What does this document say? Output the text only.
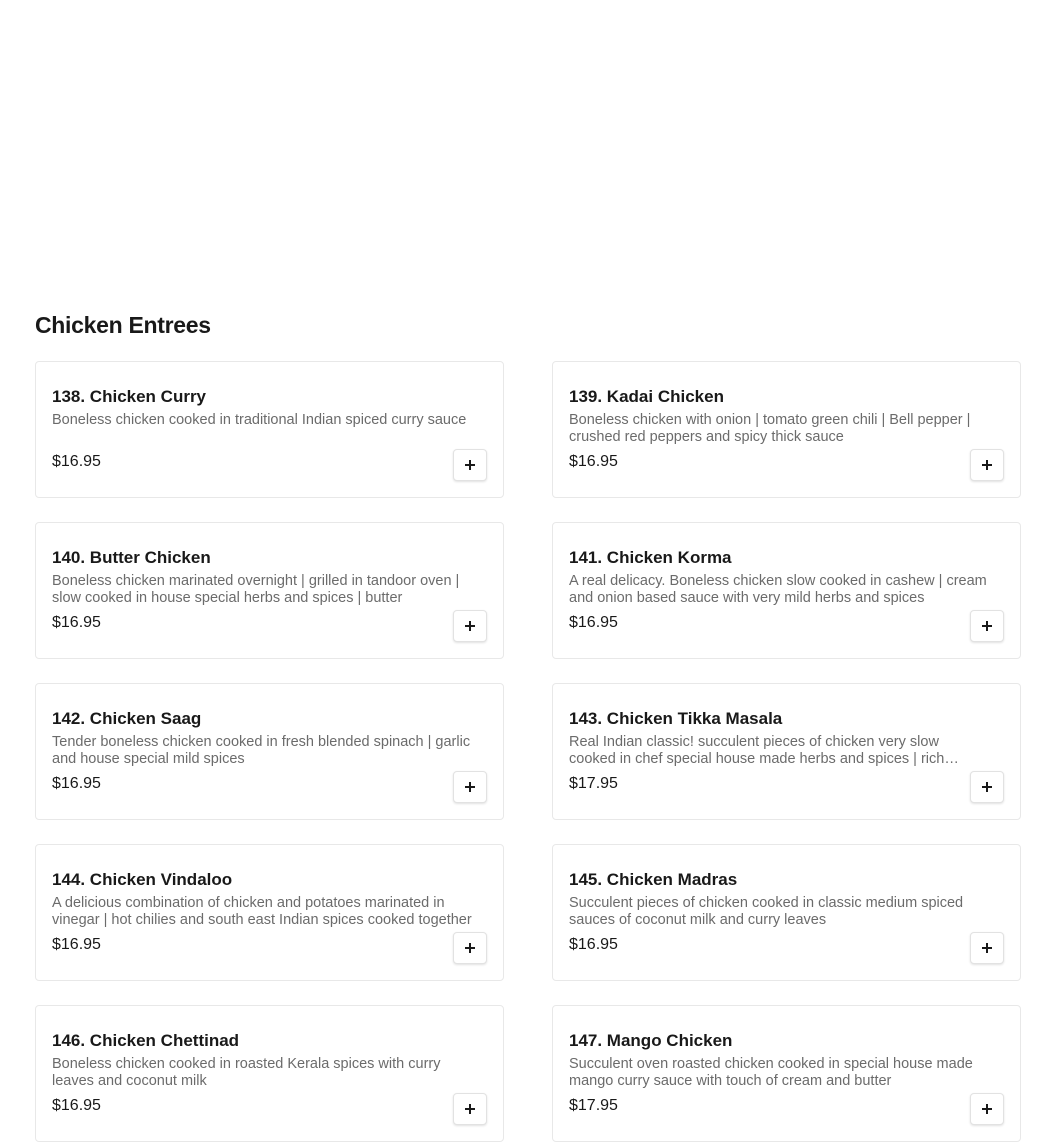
Chicken Entrees
138. Chicken Curry

Boneless chicken cooked in traditional Indian spiced curry sauce

$16.95

139. Kadai Chicken

Boneless chicken with onion | tomato green chili | Bell pepper | crushed red peppers and spicy thick sauce

$16.95

140. Butter Chicken

Boneless chicken marinated overnight | grilled in tandoor oven | slow cooked in house special herbs and spices | butter

$16.95

141. Chicken Korma

A real delicacy. Boneless chicken slow cooked in cashew | cream and onion based sauce with very mild herbs and spices

$16.95

142. Chicken Saag

Tender boneless chicken cooked in fresh blended spinach | garlic and house special mild spices

$16.95

143. Chicken Tikka Masala

Real Indian classic! succulent pieces of chicken very slow cooked in chef special house made herbs and spices | rich

$17.95

144. Chicken Vindaloo

A delicious combination of chicken and potatoes marinated in vinegar | hot chilies and south east Indian spices cooked together

$16.95

145. Chicken Madras

Succulent pieces of chicken cooked in classic medium spiced sauces of coconut milk and curry leaves

$16.95

146. Chicken Chettinad

Boneless chicken cooked in roasted Kerala spices with curry leaves and coconut milk

$16.95

147. Mango Chicken

Succulent oven roasted chicken cooked in special house made mango curry sauce with touch of cream and butter

$17.95
